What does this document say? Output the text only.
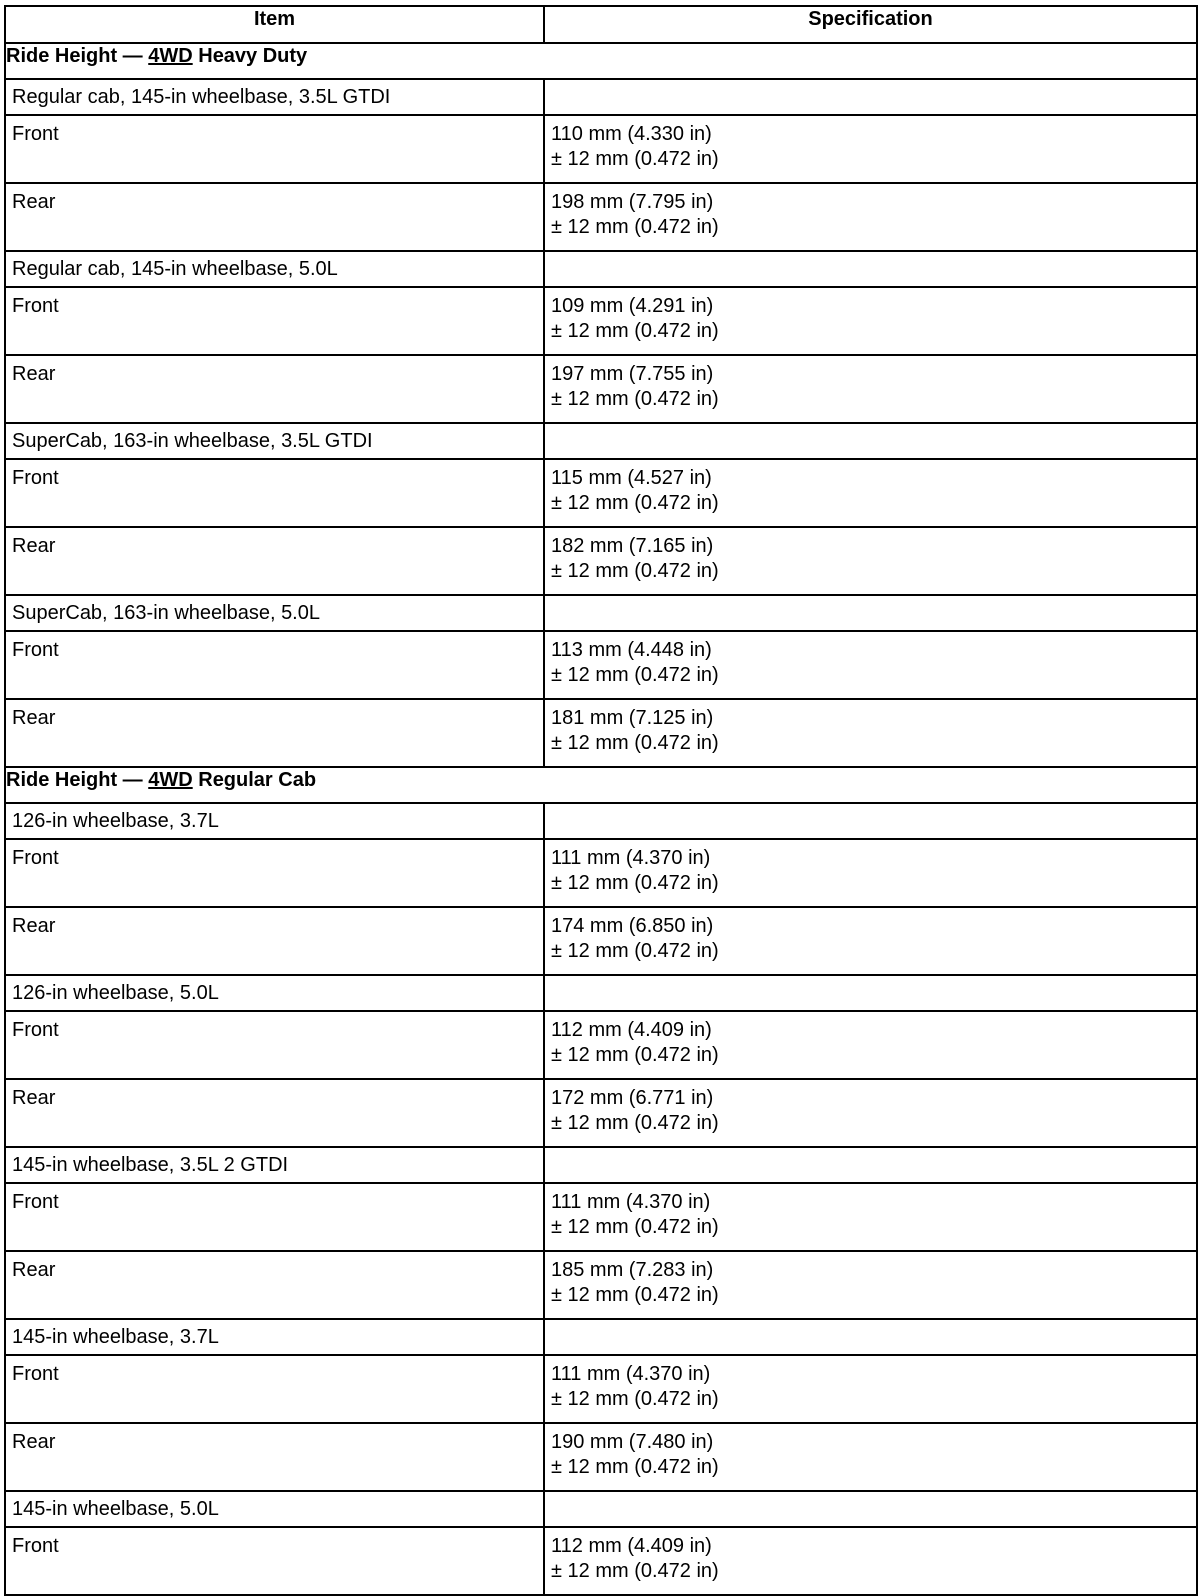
Item	Specification
Ride Height — 4WD Heavy Duty	
Regular cab, 145-in wheelbase, 3.5L GTDI	
Front	110 mm (4.330 in)
± 12 mm (0.472 in)

Rear	198 mm (7.795 in)
± 12 mm (0.472 in)

Regular cab, 145-in wheelbase, 5.0L	
Front	109 mm (4.291 in)
± 12 mm (0.472 in)

Rear	197 mm (7.755 in)
± 12 mm (0.472 in)

SuperCab, 163-in wheelbase, 3.5L GTDI	
Front	115 mm (4.527 in)
± 12 mm (0.472 in)

Rear	182 mm (7.165 in)
± 12 mm (0.472 in)

SuperCab, 163-in wheelbase, 5.0L	
Front	113 mm (4.448 in)
± 12 mm (0.472 in)

Rear	181 mm (7.125 in)
± 12 mm (0.472 in)

Ride Height — 4WD Regular Cab	
126-in wheelbase, 3.7L	
Front	111 mm (4.370 in)
± 12 mm (0.472 in)

Rear	174 mm (6.850 in)
± 12 mm (0.472 in)

126-in wheelbase, 5.0L	
Front	112 mm (4.409 in)
± 12 mm (0.472 in)

Rear	172 mm (6.771 in)
± 12 mm (0.472 in)

145-in wheelbase, 3.5L 2 GTDI	
Front	111 mm (4.370 in)
± 12 mm (0.472 in)

Rear	185 mm (7.283 in)
± 12 mm (0.472 in)

145-in wheelbase, 3.7L	
Front	111 mm (4.370 in)
± 12 mm (0.472 in)

Rear	190 mm (7.480 in)
± 12 mm (0.472 in)

145-in wheelbase, 5.0L	
Front	112 mm (4.409 in)
± 12 mm (0.472 in)
